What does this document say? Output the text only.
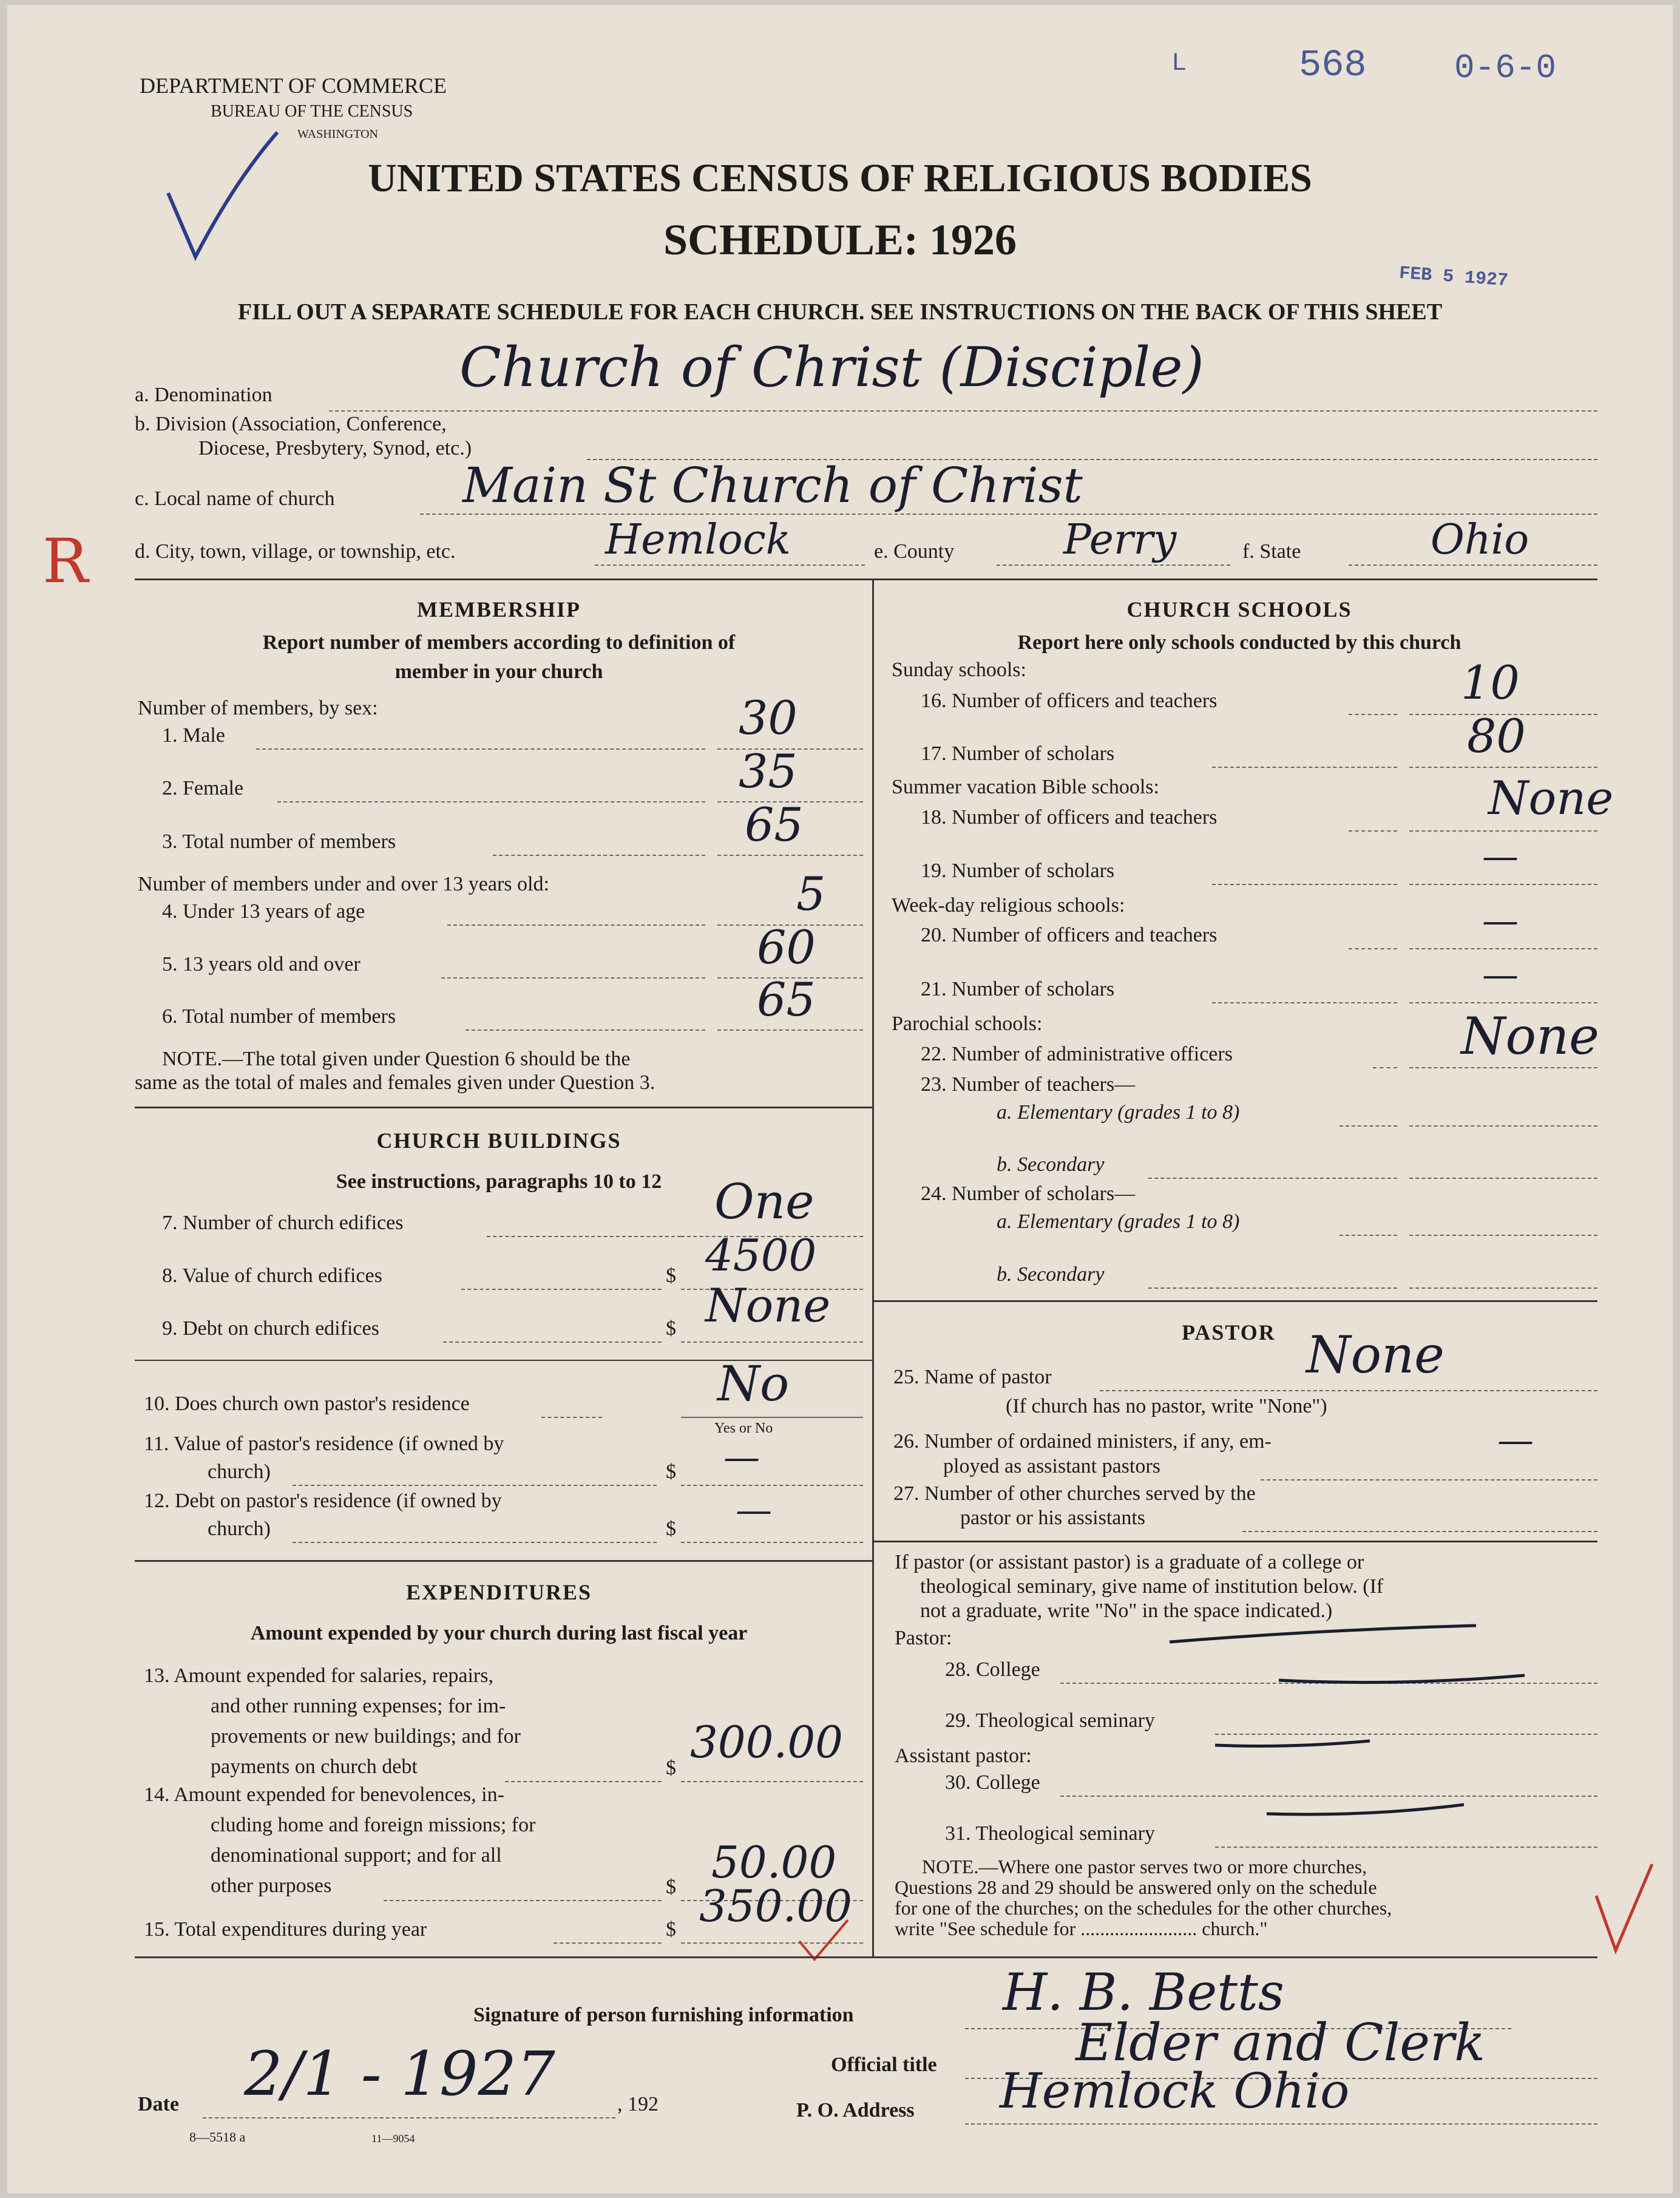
DEPARTMENT OF COMMERCE
BUREAU OF THE CENSUS
WASHINGTON
L	568	0-6-0
FEB 5 1927
UNITED STATES CENSUS OF RELIGIOUS BODIES
SCHEDULE: 1926
FILL OUT A SEPARATE SCHEDULE FOR EACH CHURCH. SEE INSTRUCTIONS ON THE BACK OF THIS SHEET
a. Denomination	Church of Christ (Disciple)
b. Division (Association, Conference,
Diocese, Presbytery, Synod, etc.)
c. Local name of church	Main St Church of Christ
R d. City, town, village, or township, etc.	Hemlock	e. County	Perry	f. State	Ohio
MEMBERSHIP
Report number of members according to definition of
member in your church
Number of members, by sex:
1. Male	30
2. Female	35
3. Total number of members	65
Number of members under and over 13 years old:
4. Under 13 years of age	5
5. 13 years old and over	60
6. Total number of members	65
NOTE.—The total given under Question 6 should be the
same as the total of males and females given under Question 3.
CHURCH BUILDINGS
See instructions, paragraphs 10 to 12
7. Number of church edifices	One
8. Value of church edifices	$ 4500
9. Debt on church edifices	$ None
10. Does church own pastor's residence	No
Yes or No
11. Value of pastor's residence (if owned by
church)	$ —
12. Debt on pastor's residence (if owned by
church)	$ —
EXPENDITURES
Amount expended by your church during last fiscal year
13. Amount expended for salaries, repairs,
and other running expenses; for im-
provements or new buildings; and for
payments on church debt	$
300.00
14. Amount expended for benevolences, in-
cluding home and foreign missions; for
denominational support; and for all
other purposes	$ 50.00
15. Total expenditures during year	$ 350.00
CHURCH SCHOOLS
Report here only schools conducted by this church
Sunday schools:
16. Number of officers and teachers	10
17. Number of scholars	80
Summer vacation Bible schools:
18. Number of officers and teachers	None
19. Number of scholars	—
Week-day religious schools:
20. Number of officers and teachers	—
21. Number of scholars	—
Parochial schools:
22. Number of administrative officers	None
23. Number of teachers—
a. Elementary (grades 1 to 8)
b. Secondary
24. Number of scholars—
a. Elementary (grades 1 to 8)
b. Secondary
PASTOR
25. Name of pastor	None
(If church has no pastor, write "None")
26. Number of ordained ministers, if any, em-
ployed as assistant pastors
—
27. Number of other churches served by the
pastor or his assistants
If pastor (or assistant pastor) is a graduate of a college or
theological seminary, give name of institution below. (If
not a graduate, write "No" in the space indicated.)
Pastor:
28. College
29. Theological seminary
Assistant pastor:
30. College
31. Theological seminary
NOTE.—Where one pastor serves two or more churches,
Questions 28 and 29 should be answered only on the schedule
for one of the churches; on the schedules for the other churches,
write "See schedule for ........................ church."
Signature of person furnishing information	H. B. Betts
Official title	Elder and Clerk
Date 2/1 - 1927	, 192	P. O. Address Hemlock Ohio
8—5518 a	11—9054
